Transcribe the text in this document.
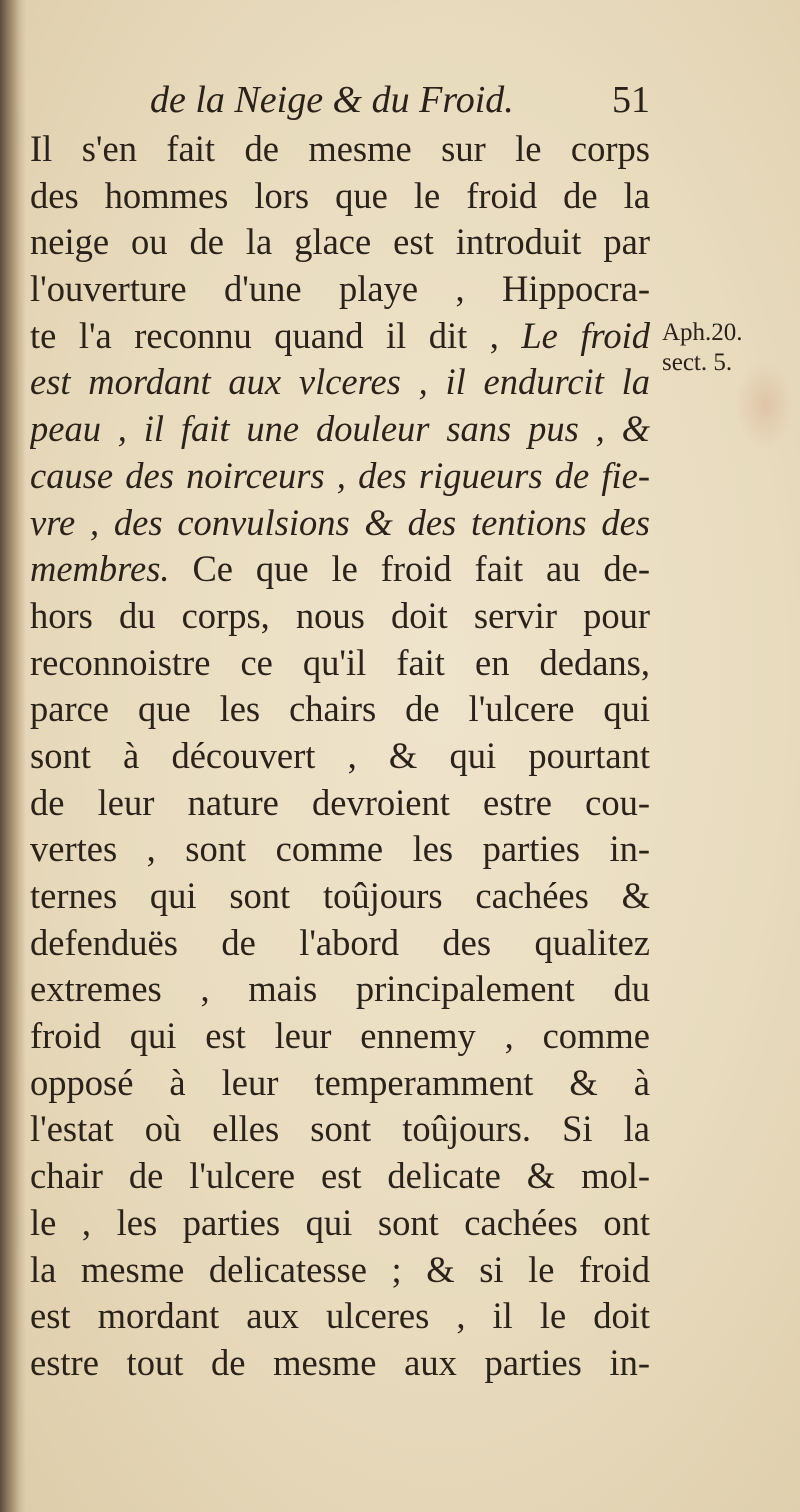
de la Neige & du Froid.	51
Aph.20.
sect. 5.
Il s'en fait de mesme sur le corps
des hommes lors que le froid de la
neige ou de la glace est introduit par
l'ouverture d'une playe , Hippocra-
te l'a reconnu quand il dit , Le froid
est mordant aux vlceres , il endurcit la
peau , il fait une douleur sans pus , &
cause des noirceurs , des rigueurs de fie-
vre , des convulsions & des tentions des
membres. Ce que le froid fait au de-
hors du corps, nous doit servir pour
reconnoistre ce qu'il fait en dedans,
parce que les chairs de l'ulcere qui
sont à découvert , & qui pourtant
de leur nature devroient estre cou-
vertes , sont comme les parties in-
ternes qui sont toûjours cachées &
defenduës de l'abord des qualitez
extremes , mais principalement du
froid qui est leur ennemy , comme
opposé à leur temperamment & à
l'estat où elles sont toûjours. Si la
chair de l'ulcere est delicate & mol-
le , les parties qui sont cachées ont
la mesme delicatesse ; & si le froid
est mordant aux ulceres , il le doit
estre tout de mesme aux parties in-
